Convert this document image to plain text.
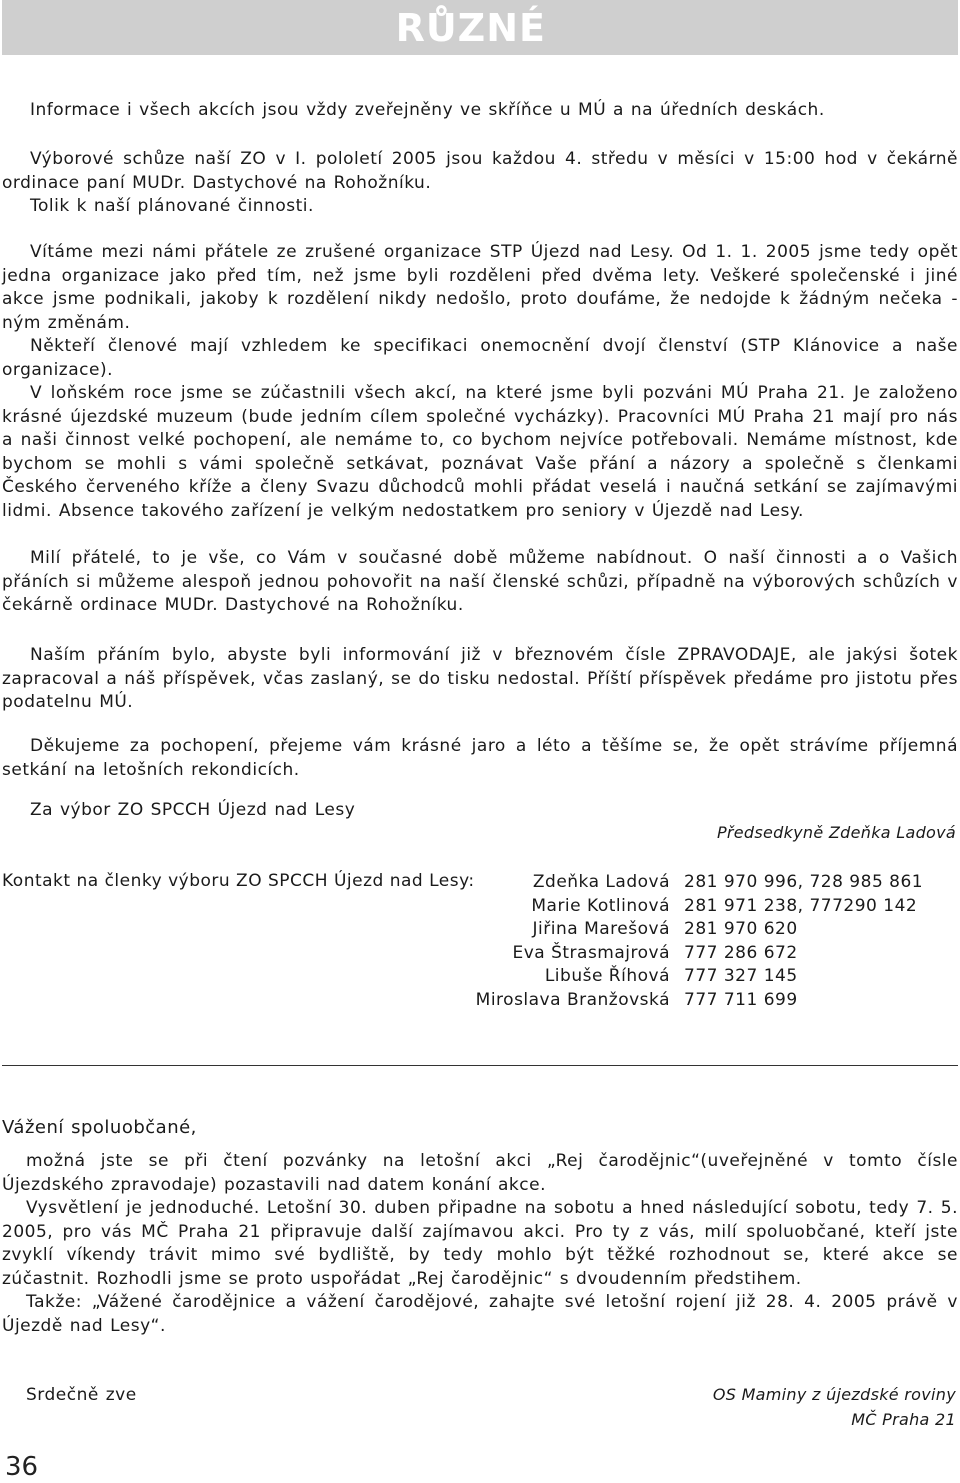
RŮZNÉ
Informace i všech akcích jsou vždy zveřejněny ve skříňce u MÚ a na úředních deskách.
Výborové schůze naší ZO v I. pololetí 2005 jsou každou 4. středu v měsíci v 15:00 hod v čekárně ordinace paní MUDr. Dastychové na Rohožníku.
Tolik k naší plánované činnosti.

Vítáme mezi námi přátele ze zrušené organizace STP Újezd nad Lesy. Od 1. 1. 2005 jsme tedy opět jedna organizace jako před tím, než jsme byli rozděleni před dvěma lety. Veškeré společenské i jiné akce jsme podnikali, jakoby k rozdělení nikdy nedošlo, proto doufáme, že nedojde k žádným nečeka - ným změnám.

Někteří členové mají vzhledem ke specifikaci onemocnění dvojí členství (STP Klánovice a naše organizace).

V loňském roce jsme se zúčastnili všech akcí, na které jsme byli pozváni MÚ Praha 21. Je založeno krásné újezdské muzeum (bude jedním cílem společné vycházky). Pracovníci MÚ Praha 21 mají pro nás a naši činnost velké pochopení, ale nemáme to, co bychom nejvíce potřebovali. Nemáme místnost, kde bychom se mohli s vámi společně setkávat, poznávat Vaše přání a názory a společně s členkami Českého červeného kříže a členy Svazu důchodců mohli přádat veselá i naučná setkání se zajímavými lidmi. Absence takového zařízení je velkým nedostatkem pro seniory v Újezdě nad Lesy.

Milí přátelé, to je vše, co Vám v současné době můžeme nabídnout. O naší činnosti a o Vašich přáních si můžeme alespoň jednou pohovořit na naší členské schůzi, případně na výborových schůzích v čekárně ordinace MUDr. Dastychové na Rohožníku.
Naším přáním bylo, abyste byli informování již v březnovém čísle ZPRAVODAJE, ale jakýsi šotek zapracoval a náš příspěvek, včas zaslaný, se do tisku nedostal. Příští příspěvek předáme pro jistotu přes podatelnu MÚ.
Děkujeme za pochopení, přejeme vám krásné jaro a léto a těšíme se, že opět strávíme příjemná setkání na letošních rekondicích.
Za výbor ZO SPCCH Újezd nad Lesy
Předsedkyně Zdeňka Ladová
Kontakt na členky výboru ZO SPCCH Újezd nad Lesy:	Zdeňka Ladová 281 970 996, 728 985 861
Marie Kotlinová 281 971 238, 777290 142
Jiřina Marešová 281 970 620
Eva Štrasmajrová 777 286 672
Libuše Říhová 777 327 145
Miroslava Branžovská 777 711 699
Vážení spoluobčané,

možná jste se při čtení pozvánky na letošní akci „Rej čarodějnic“(uveřejněné v tomto čísle Újezdského zpravodaje) pozastavili nad datem konání akce.

Vysvětlení je jednoduché. Letošní 30. duben připadne na sobotu a hned následující sobotu, tedy 7. 5. 2005, pro vás MČ Praha 21 připravuje další zajímavou akci. Pro ty z vás, milí spoluobčané, kteří jste zvyklí víkendy trávit mimo své bydliště, by tedy mohlo být těžké rozhodnout se, které akce se zúčastnit. Rozhodli jsme se proto uspořádat „Rej čarodějnic“ s dvoudenním předstihem.

Takže: „Vážené čarodějnice a vážení čarodějové, zahajte své letošní rojení již 28. 4. 2005 právě v Újezdě nad Lesy“.

Srdečně zve	OS Maminy z újezdské roviny
MČ Praha 21
36
